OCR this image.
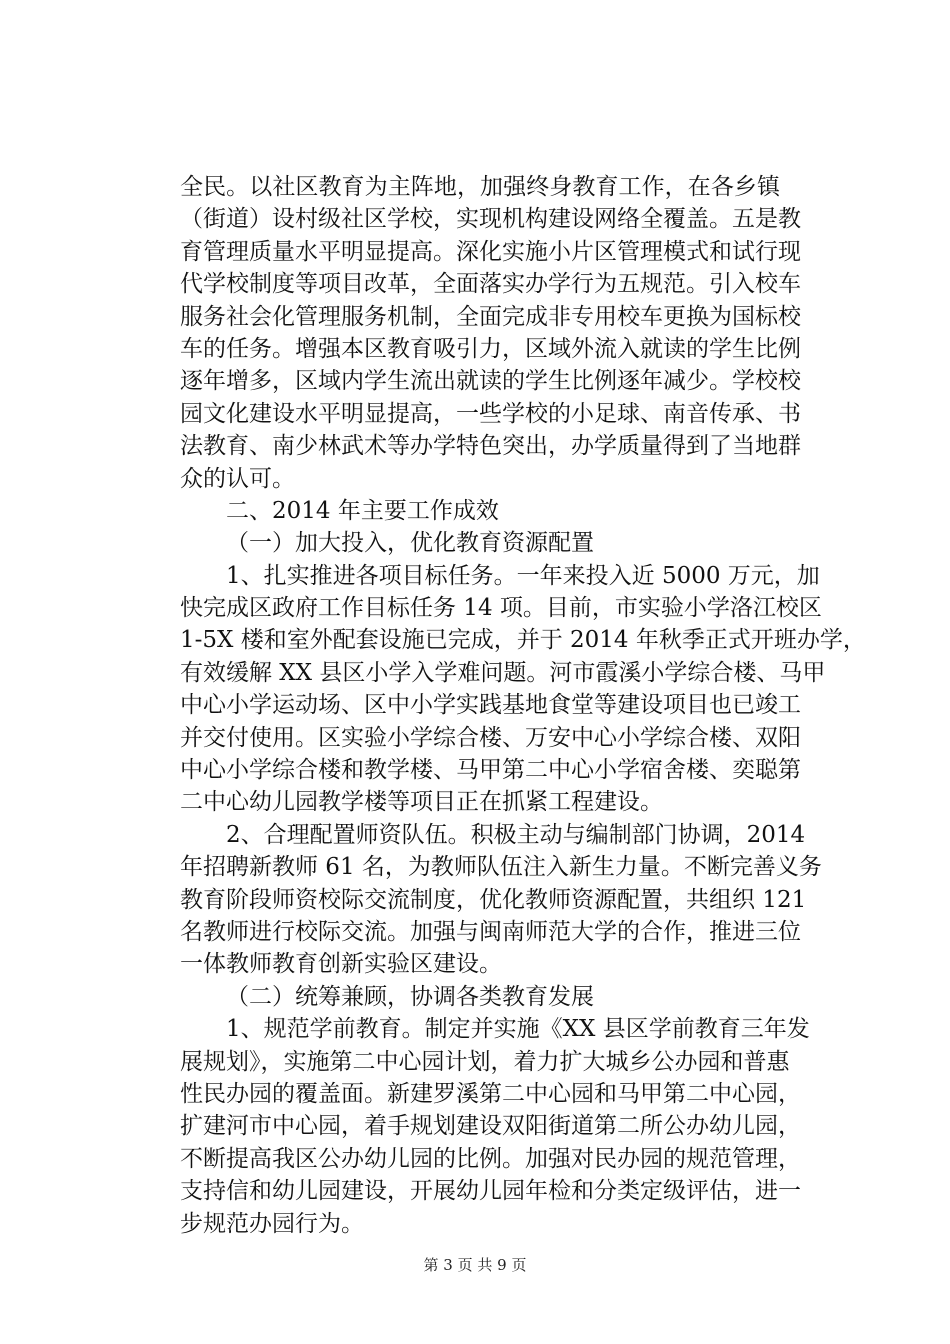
全民。以社区教育为主阵地，加强终身教育工作，在各乡镇
（街道）设村级社区学校，实现机构建设网络全覆盖。五是教
育管理质量水平明显提高。深化实施小片区管理模式和试行现
代学校制度等项目改革，全面落实办学行为五规范。引入校车
服务社会化管理服务机制，全面完成非专用校车更换为国标校
车的任务。增强本区教育吸引力，区域外流入就读的学生比例
逐年增多，区域内学生流出就读的学生比例逐年减少。学校校
园文化建设水平明显提高，一些学校的小足球、南音传承、书
法教育、南少林武术等办学特色突出，办学质量得到了当地群
众的认可。
二、2014 年主要工作成效
（一）加大投入，优化教育资源配置
1、扎实推进各项目标任务。一年来投入近 5000 万元，加
快完成区政府工作目标任务 14 项。目前，市实验小学洛江校区
1-5X 楼和室外配套设施已完成，并于 2014 年秋季正式开班办学，
有效缓解 XX 县区小学入学难问题。河市霞溪小学综合楼、马甲
中心小学运动场、区中小学实践基地食堂等建设项目也已竣工
并交付使用。区实验小学综合楼、万安中心小学综合楼、双阳
中心小学综合楼和教学楼、马甲第二中心小学宿舍楼、奕聪第
二中心幼儿园教学楼等项目正在抓紧工程建设。
2、合理配置师资队伍。积极主动与编制部门协调，2014
年招聘新教师 61 名，为教师队伍注入新生力量。不断完善义务
教育阶段师资校际交流制度，优化教师资源配置，共组织 121
名教师进行校际交流。加强与闽南师范大学的合作，推进三位
一体教师教育创新实验区建设。
（二）统筹兼顾，协调各类教育发展
1、规范学前教育。制定并实施《XX 县区学前教育三年发
展规划》，实施第二中心园计划，着力扩大城乡公办园和普惠
性民办园的覆盖面。新建罗溪第二中心园和马甲第二中心园，
扩建河市中心园，着手规划建设双阳街道第二所公办幼儿园，
不断提高我区公办幼儿园的比例。加强对民办园的规范管理，
支持信和幼儿园建设，开展幼儿园年检和分类定级评估，进一
步规范办园行为。
第 3 页 共 9 页
